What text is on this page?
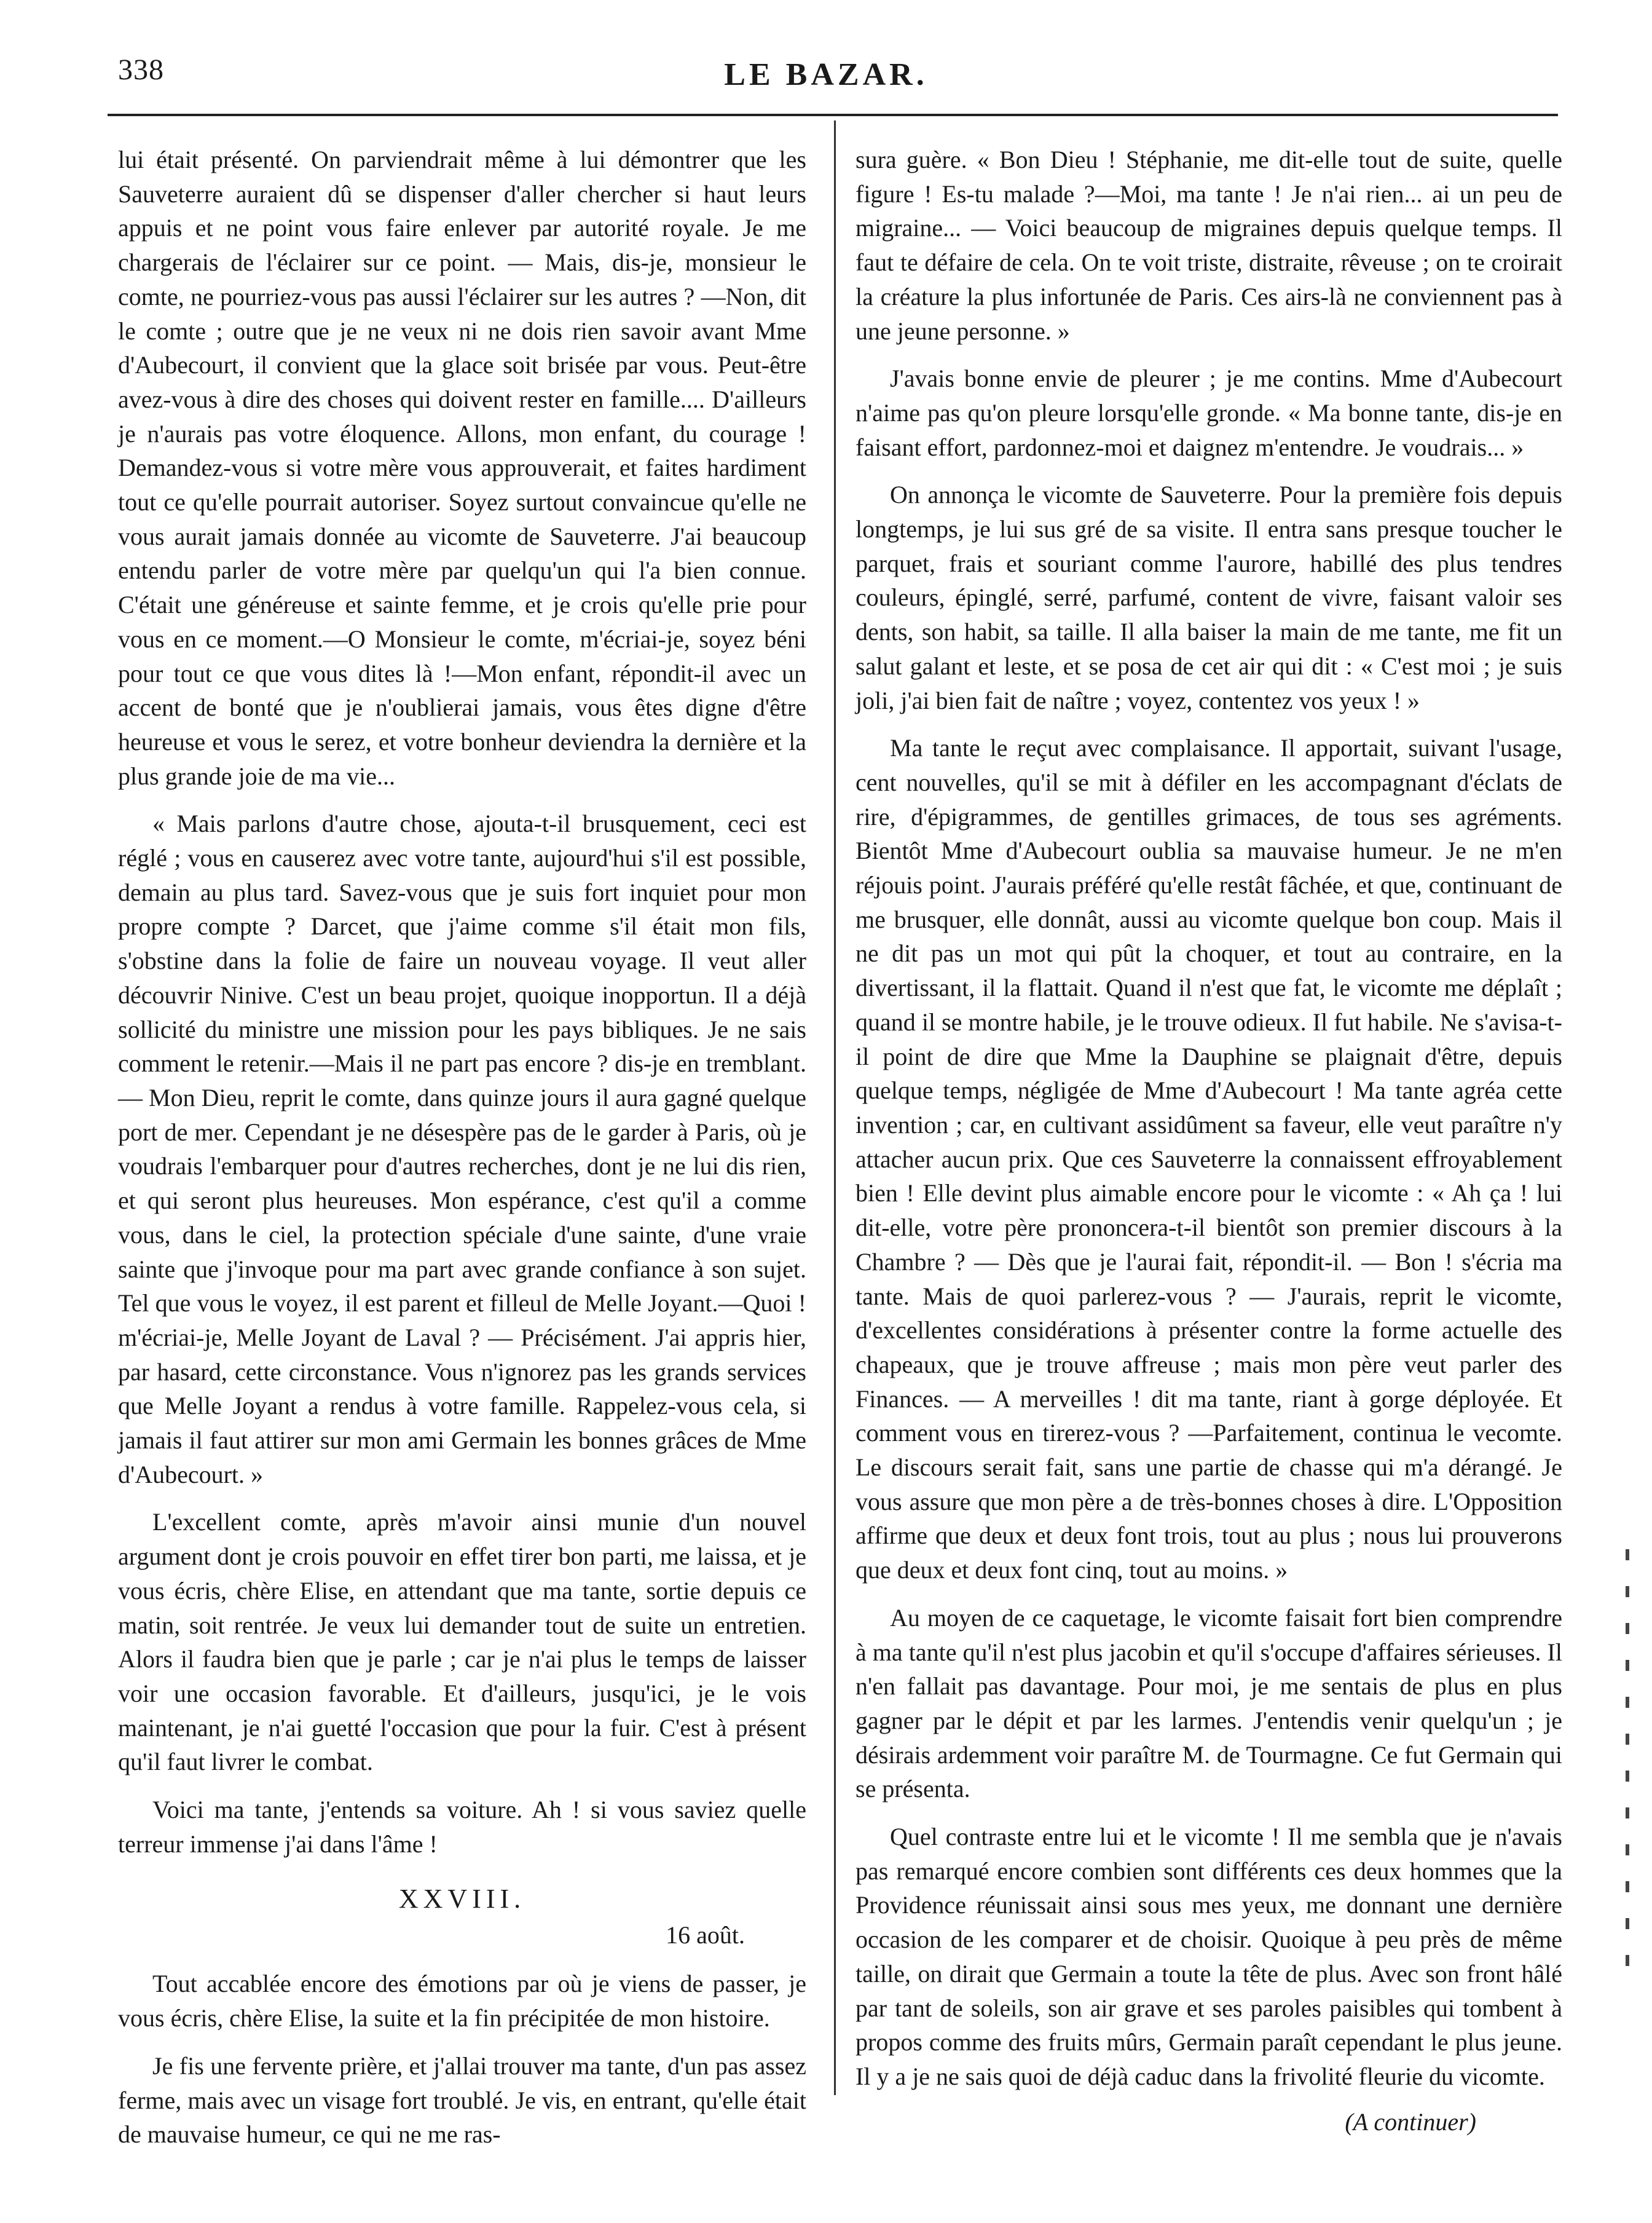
338	LE BAZAR.

lui était présenté. On parviendrait même à lui démontrer que les Sauveterre auraient dû se dispenser d'aller chercher si haut leurs appuis et ne point vous faire enlever par autorité royale. Je me chargerais de l'éclairer sur ce point. — Mais, dis-je, monsieur le comte, ne pourriez-vous pas aussi l'éclairer sur les autres ? —Non, dit le comte ; outre que je ne veux ni ne dois rien savoir avant Mme d'Aubecourt, il convient que la glace soit brisée par vous. Peut-être avez-vous à dire des choses qui doivent rester en famille.... D'ailleurs je n'aurais pas votre éloquence. Allons, mon enfant, du courage ! Demandez-vous si votre mère vous approuverait, et faites hardiment tout ce qu'elle pourrait autoriser. Soyez surtout convaincue qu'elle ne vous aurait jamais donnée au vicomte de Sauveterre. J'ai beaucoup entendu parler de votre mère par quelqu'un qui l'a bien connue. C'était une généreuse et sainte femme, et je crois qu'elle prie pour vous en ce moment.—O Monsieur le comte, m'écriai-je, soyez béni pour tout ce que vous dites là !—Mon enfant, répondit-il avec un accent de bonté que je n'oublierai jamais, vous êtes digne d'être heureuse et vous le serez, et votre bonheur deviendra la dernière et la plus grande joie de ma vie...

« Mais parlons d'autre chose, ajouta-t-il brusquement, ceci est réglé ; vous en causerez avec votre tante, aujourd'hui s'il est possible, demain au plus tard. Savez-vous que je suis fort inquiet pour mon propre compte ? Darcet, que j'aime comme s'il était mon fils, s'obstine dans la folie de faire un nouveau voyage. Il veut aller découvrir Ninive. C'est un beau projet, quoique inopportun. Il a déjà sollicité du ministre une mission pour les pays bibliques. Je ne sais comment le retenir.—Mais il ne part pas encore ? dis-je en tremblant. — Mon Dieu, reprit le comte, dans quinze jours il aura gagné quelque port de mer. Cependant je ne désespère pas de le garder à Paris, où je voudrais l'embarquer pour d'autres recherches, dont je ne lui dis rien, et qui seront plus heureuses. Mon espérance, c'est qu'il a comme vous, dans le ciel, la protection spéciale d'une sainte, d'une vraie sainte que j'invoque pour ma part avec grande confiance à son sujet. Tel que vous le voyez, il est parent et filleul de Melle Joyant.—Quoi ! m'écriai-je, Melle Joyant de Laval ? — Précisément. J'ai appris hier, par hasard, cette circonstance. Vous n'ignorez pas les grands services que Melle Joyant a rendus à votre famille. Rappelez-vous cela, si jamais il faut attirer sur mon ami Germain les bonnes grâces de Mme d'Aubecourt. »

L'excellent comte, après m'avoir ainsi munie d'un nouvel argument dont je crois pouvoir en effet tirer bon parti, me laissa, et je vous écris, chère Elise, en attendant que ma tante, sortie depuis ce matin, soit rentrée. Je veux lui demander tout de suite un entretien. Alors il faudra bien que je parle ; car je n'ai plus le temps de laisser voir une occasion favorable. Et d'ailleurs, jusqu'ici, je le vois maintenant, je n'ai guetté l'occasion que pour la fuir. C'est à présent qu'il faut livrer le combat.

Voici ma tante, j'entends sa voiture. Ah ! si vous saviez quelle terreur immense j'ai dans l'âme !

XXVIII.
16 août.

Tout accablée encore des émotions par où je viens de passer, je vous écris, chère Elise, la suite et la fin précipitée de mon histoire.

Je fis une fervente prière, et j'allai trouver ma tante, d'un pas assez ferme, mais avec un visage fort troublé. Je vis, en entrant, qu'elle était de mauvaise humeur, ce qui ne me ras-

sura guère. « Bon Dieu ! Stéphanie, me dit-elle tout de suite, quelle figure ! Es-tu malade ?—Moi, ma tante ! Je n'ai rien... ai un peu de migraine... — Voici beaucoup de migraines depuis quelque temps. Il faut te défaire de cela. On te voit triste, distraite, rêveuse ; on te croirait la créature la plus infortunée de Paris. Ces airs-là ne conviennent pas à une jeune personne. »

J'avais bonne envie de pleurer ; je me contins. Mme d'Aubecourt n'aime pas qu'on pleure lorsqu'elle gronde. « Ma bonne tante, dis-je en faisant effort, pardonnez-moi et daignez m'entendre. Je voudrais... »

On annonça le vicomte de Sauveterre. Pour la première fois depuis longtemps, je lui sus gré de sa visite. Il entra sans presque toucher le parquet, frais et souriant comme l'aurore, habillé des plus tendres couleurs, épinglé, serré, parfumé, content de vivre, faisant valoir ses dents, son habit, sa taille. Il alla baiser la main de me tante, me fit un salut galant et leste, et se posa de cet air qui dit : « C'est moi ; je suis joli, j'ai bien fait de naître ; voyez, contentez vos yeux ! »

Ma tante le reçut avec complaisance. Il apportait, suivant l'usage, cent nouvelles, qu'il se mit à défiler en les accompagnant d'éclats de rire, d'épigrammes, de gentilles grimaces, de tous ses agréments. Bientôt Mme d'Aubecourt oublia sa mauvaise humeur. Je ne m'en réjouis point. J'aurais préféré qu'elle restât fâchée, et que, continuant de me brusquer, elle donnât, aussi au vicomte quelque bon coup. Mais il ne dit pas un mot qui pût la choquer, et tout au contraire, en la divertissant, il la flattait. Quand il n'est que fat, le vicomte me déplaît ; quand il se montre habile, je le trouve odieux. Il fut habile. Ne s'avisa-t-il point de dire que Mme la Dauphine se plaignait d'être, depuis quelque temps, négligée de Mme d'Aubecourt ! Ma tante agréa cette invention ; car, en cultivant assidûment sa faveur, elle veut paraître n'y attacher aucun prix. Que ces Sauveterre la connaissent effroyablement bien ! Elle devint plus aimable encore pour le vicomte : « Ah ça ! lui dit-elle, votre père prononcera-t-il bientôt son premier discours à la Chambre ? — Dès que je l'aurai fait, répondit-il. — Bon ! s'écria ma tante. Mais de quoi parlerez-vous ? — J'aurais, reprit le vicomte, d'excellentes considérations à présenter contre la forme actuelle des chapeaux, que je trouve affreuse ; mais mon père veut parler des Finances. — A merveilles ! dit ma tante, riant à gorge déployée. Et comment vous en tirerez-vous ? —Parfaitement, continua le vecomte. Le discours serait fait, sans une partie de chasse qui m'a dérangé. Je vous assure que mon père a de très-bonnes choses à dire. L'Opposition affirme que deux et deux font trois, tout au plus ; nous lui prouverons que deux et deux font cinq, tout au moins. »

Au moyen de ce caquetage, le vicomte faisait fort bien comprendre à ma tante qu'il n'est plus jacobin et qu'il s'occupe d'affaires sérieuses. Il n'en fallait pas davantage. Pour moi, je me sentais de plus en plus gagner par le dépit et par les larmes. J'entendis venir quelqu'un ; je désirais ardemment voir paraître M. de Tourmagne. Ce fut Germain qui se présenta.

Quel contraste entre lui et le vicomte ! Il me sembla que je n'avais pas remarqué encore combien sont différents ces deux hommes que la Providence réunissait ainsi sous mes yeux, me donnant une dernière occasion de les comparer et de choisir. Quoique à peu près de même taille, on dirait que Germain a toute la tête de plus. Avec son front hâlé par tant de soleils, son air grave et ses paroles paisibles qui tombent à propos comme des fruits mûrs, Germain paraît cependant le plus jeune. Il y a je ne sais quoi de déjà caduc dans la frivolité fleurie du vicomte.

(A continuer)
